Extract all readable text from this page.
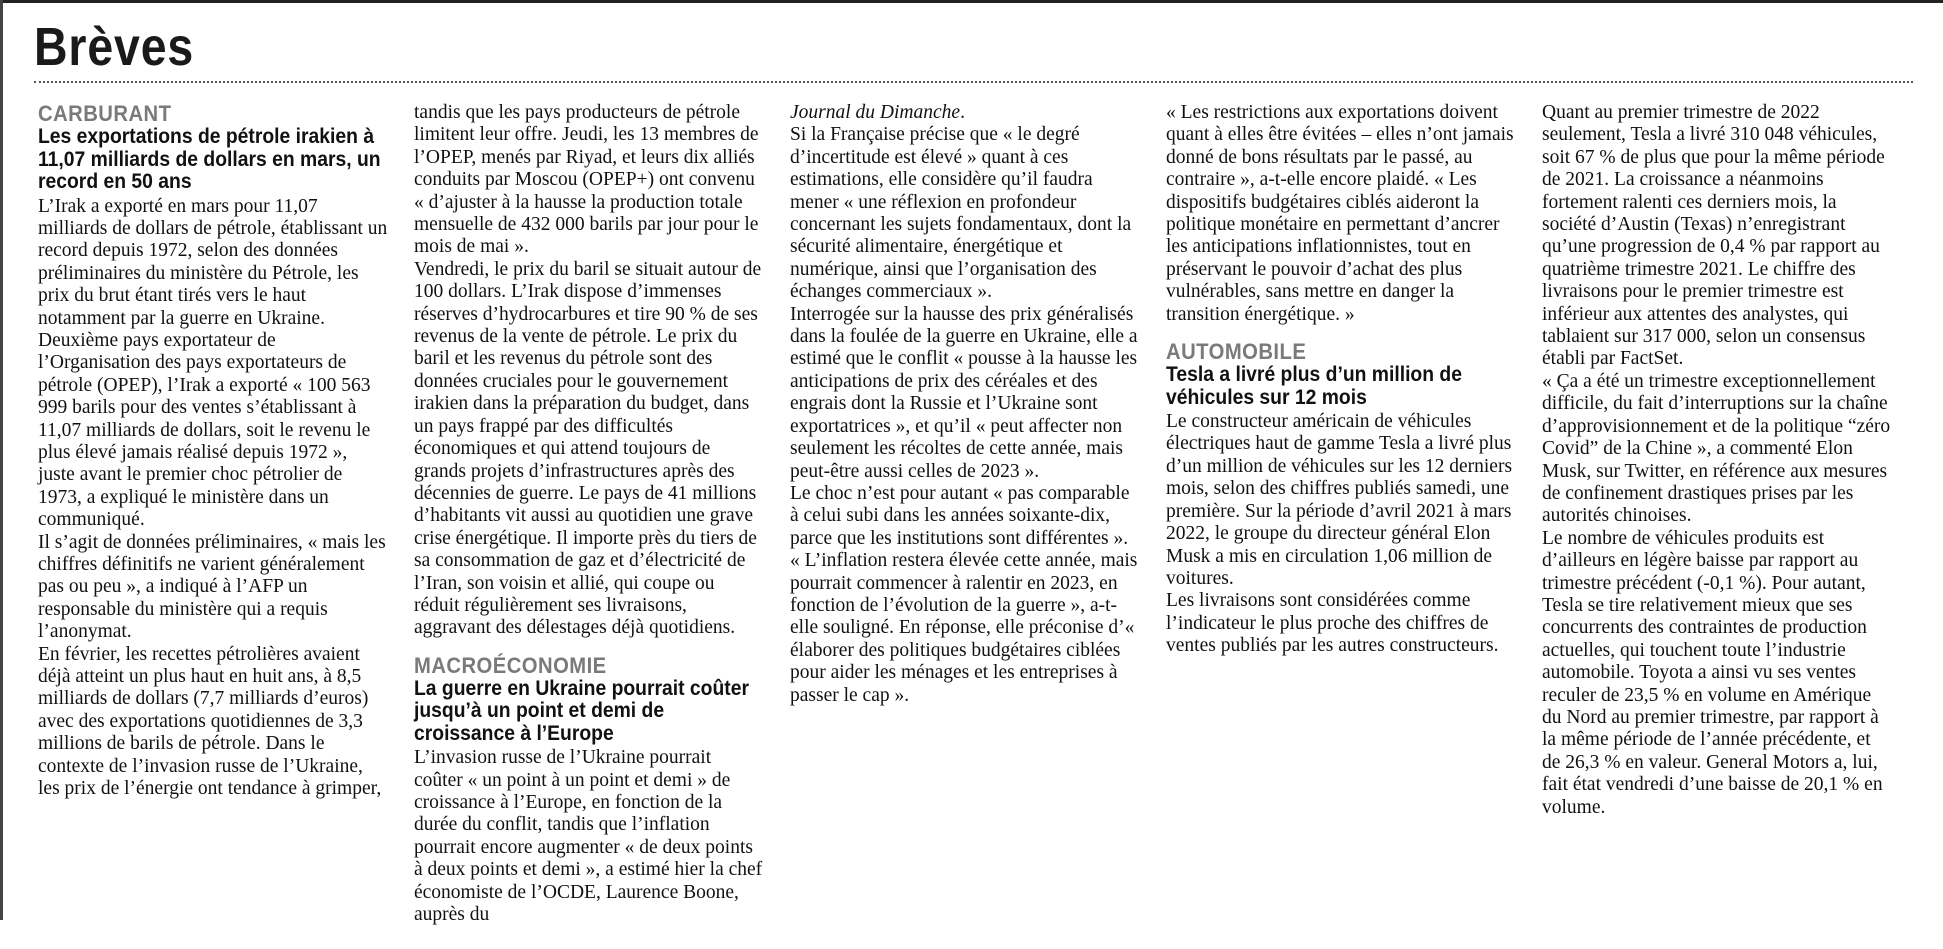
Brèves
CARBURANT
Les exportations de pétrole irakien à 11,07 milliards de dollars en mars, un record en 50 ans

L’Irak a exporté en mars pour 11,07 milliards de dollars de pétrole, établissant un record depuis 1972, selon des données préliminaires du ministère du Pétrole, les prix du brut étant tirés vers le haut notamment par la guerre en Ukraine.

Deuxième pays exportateur de l’Organisation des pays exportateurs de pétrole (OPEP), l’Irak a exporté « 100 563 999 barils pour des ventes s’établissant à 11,07 milliards de dollars, soit le revenu le plus élevé jamais réalisé depuis 1972 », juste avant le premier choc pétrolier de 1973, a expliqué le ministère dans un communiqué.

Il s’agit de données préliminaires, « mais les chiffres définitifs ne varient généralement pas ou peu », a indiqué à l’AFP un responsable du ministère qui a requis l’anonymat.

En février, les recettes pétrolières avaient déjà atteint un plus haut en huit ans, à 8,5 milliards de dollars (7,7 milliards d’euros) avec des exportations quotidiennes de 3,3 millions de barils de pétrole. Dans le contexte de l’invasion russe de l’Ukraine, les prix de l’énergie ont tendance à grimper,

tandis que les pays producteurs de pétrole limitent leur offre. Jeudi, les 13 membres de l’OPEP, menés par Riyad, et leurs dix alliés conduits par Moscou (OPEP+) ont convenu « d’ajuster à la hausse la production totale mensuelle de 432 000 barils par jour pour le mois de mai ».

Vendredi, le prix du baril se situait autour de 100 dollars. L’Irak dispose d’immenses réserves d’hydrocarbures et tire 90 % de ses revenus de la vente de pétrole. Le prix du baril et les revenus du pétrole sont des données cruciales pour le gouvernement irakien dans la préparation du budget, dans un pays frappé par des difficultés économiques et qui attend toujours de grands projets d’infrastructures après des décennies de guerre. Le pays de 41 millions d’habitants vit aussi au quotidien une grave crise énergétique. Il importe près du tiers de sa consommation de gaz et d’électricité de l’Iran, son voisin et allié, qui coupe ou réduit régulièrement ses livraisons, aggravant des délestages déjà quotidiens.

MACROÉCONOMIE
La guerre en Ukraine pourrait coûter jusqu’à un point et demi de croissance à l’Europe

L’invasion russe de l’Ukraine pourrait coûter « un point à un point et demi » de croissance à l’Europe, en fonction de la durée du conflit, tandis que l’inflation pourrait encore augmenter « de deux points à deux points et demi », a estimé hier la chef économiste de l’OCDE, Laurence Boone, auprès du

Journal du Dimanche.

Si la Française précise que « le degré d’incertitude est élevé » quant à ces estimations, elle considère qu’il faudra mener « une réflexion en profondeur concernant les sujets fondamentaux, dont la sécurité alimentaire, énergétique et numérique, ainsi que l’organisation des échanges commerciaux ».

Interrogée sur la hausse des prix généralisés dans la foulée de la guerre en Ukraine, elle a estimé que le conflit « pousse à la hausse les anticipations de prix des céréales et des engrais dont la Russie et l’Ukraine sont exportatrices », et qu’il « peut affecter non seulement les récoltes de cette année, mais peut-être aussi celles de 2023 ».

Le choc n’est pour autant « pas comparable à celui subi dans les années soixante-dix, parce que les institutions sont différentes ».

« L’inflation restera élevée cette année, mais pourrait commencer à ralentir en 2023, en fonction de l’évolution de la guerre », a-t-elle souligné. En réponse, elle préconise d’« élaborer des politiques budgétaires ciblées pour aider les ménages et les entreprises à passer le cap ».

« Les restrictions aux exportations doivent quant à elles être évitées – elles n’ont jamais donné de bons résultats par le passé, au contraire », a-t-elle encore plaidé. « Les dispositifs budgétaires ciblés aideront la politique monétaire en permettant d’ancrer les anticipations inflationnistes, tout en préservant le pouvoir d’achat des plus vulnérables, sans mettre en danger la transition énergétique. »

AUTOMOBILE
Tesla a livré plus d’un million de véhicules sur 12 mois

Le constructeur américain de véhicules électriques haut de gamme Tesla a livré plus d’un million de véhicules sur les 12 derniers mois, selon des chiffres publiés samedi, une première. Sur la période d’avril 2021 à mars 2022, le groupe du directeur général Elon Musk a mis en circulation 1,06 million de voitures.

Les livraisons sont considérées comme l’indicateur le plus proche des chiffres de ventes publiés par les autres constructeurs.

Quant au premier trimestre de 2022 seulement, Tesla a livré 310 048 véhicules, soit 67 % de plus que pour la même période de 2021. La croissance a néanmoins fortement ralenti ces derniers mois, la société d’Austin (Texas) n’enregistrant qu’une progression de 0,4 % par rapport au quatrième trimestre 2021. Le chiffre des livraisons pour le premier trimestre est inférieur aux attentes des analystes, qui tablaient sur 317 000, selon un consensus établi par FactSet.

« Ça a été un trimestre exceptionnellement difficile, du fait d’interruptions sur la chaîne d’approvisionnement et de la politique “zéro Covid” de la Chine », a commenté Elon Musk, sur Twitter, en référence aux mesures de confinement drastiques prises par les autorités chinoises.

Le nombre de véhicules produits est d’ailleurs en légère baisse par rapport au trimestre précédent (-0,1 %). Pour autant, Tesla se tire relativement mieux que ses concurrents des contraintes de production actuelles, qui touchent toute l’industrie automobile. Toyota a ainsi vu ses ventes reculer de 23,5 % en volume en Amérique du Nord au premier trimestre, par rapport à la même période de l’année précédente, et de 26,3 % en valeur. General Motors a, lui, fait état vendredi d’une baisse de 20,1 % en volume.
